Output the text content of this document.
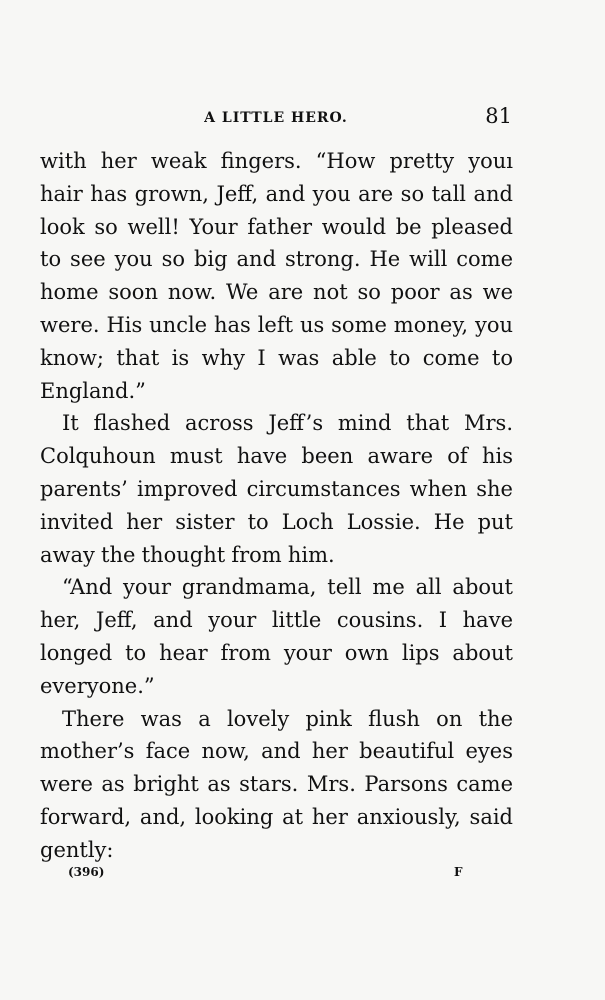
A LITTLE HERO.	81

with her weak fingers. “How pretty youı hair has grown, Jeff, and you are so tall and look so well! Your father would be pleased to see you so big and strong. He will come home soon now. We are not so poor as we were. His uncle has left us some money, you know; that is why I was able to come to England.”

It flashed across Jeff’s mind that Mrs. Colquhoun must have been aware of his parents’ improved circumstances when she invited her sister to Loch Lossie. He put away the thought from him.

“And your grandmama, tell me all about her, Jeff, and your little cousins. I have longed to hear from your own lips about everyone.”

There was a lovely pink flush on the mother’s face now, and her beautiful eyes were as bright as stars. Mrs. Parsons came forward, and, looking at her anxiously, said gently:

(396)	F
